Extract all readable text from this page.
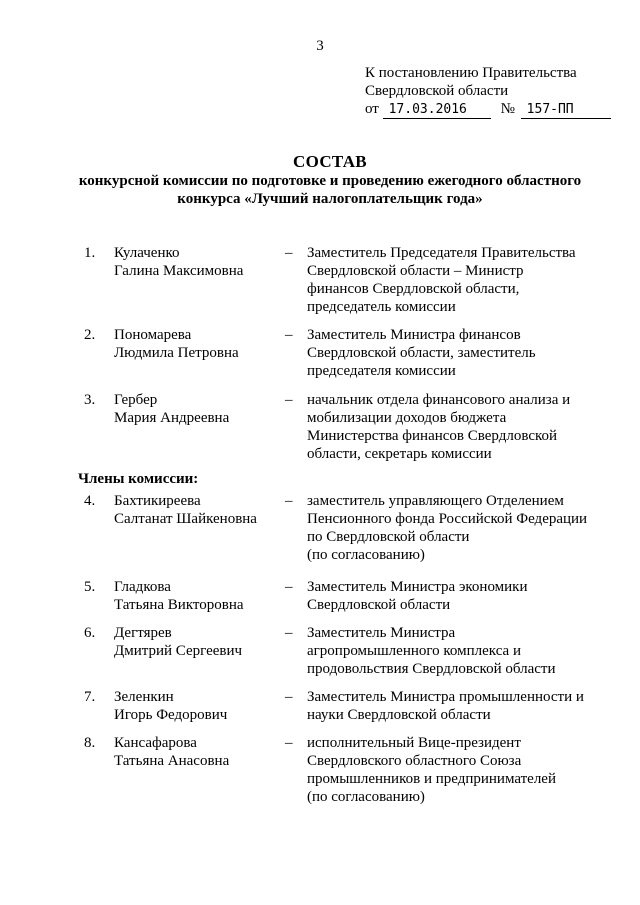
3
К постановлению Правительства
Свердловской области
от 17.03.2016 № 157-ПП
СОСТАВ
конкурсной комиссии по подготовке и проведению ежегодного областного
конкурса «Лучший налогоплательщик года»
1. Кулаченко
Галина Максимовна
– Заместитель Председателя Правительства
Свердловской области – Министр
финансов Свердловской области,
председатель комиссии
2. Пономарева
Людмила Петровна
– Заместитель Министра финансов
Свердловской области, заместитель
председателя комиссии
3. Гербер
Мария Андреевна
– начальник отдела финансового анализа и
мобилизации доходов бюджета
Министерства финансов Свердловской
области, секретарь комиссии
Члены комиссии:
4. Бахтикиреева
Салтанат Шайкеновна
– заместитель управляющего Отделением
Пенсионного фонда Российской Федерации
по Свердловской области
(по согласованию)
5. Гладкова
Татьяна Викторовна
– Заместитель Министра экономики
Свердловской области
6. Дегтярев
Дмитрий Сергеевич
– Заместитель Министра
агропромышленного комплекса и
продовольствия Свердловской области
7. Зеленкин
Игорь Федорович
– Заместитель Министра промышленности и
науки Свердловской области
8. Кансафарова
Татьяна Анасовна
– исполнительный Вице-президент
Свердловского областного Союза
промышленников и предпринимателей
(по согласованию)
